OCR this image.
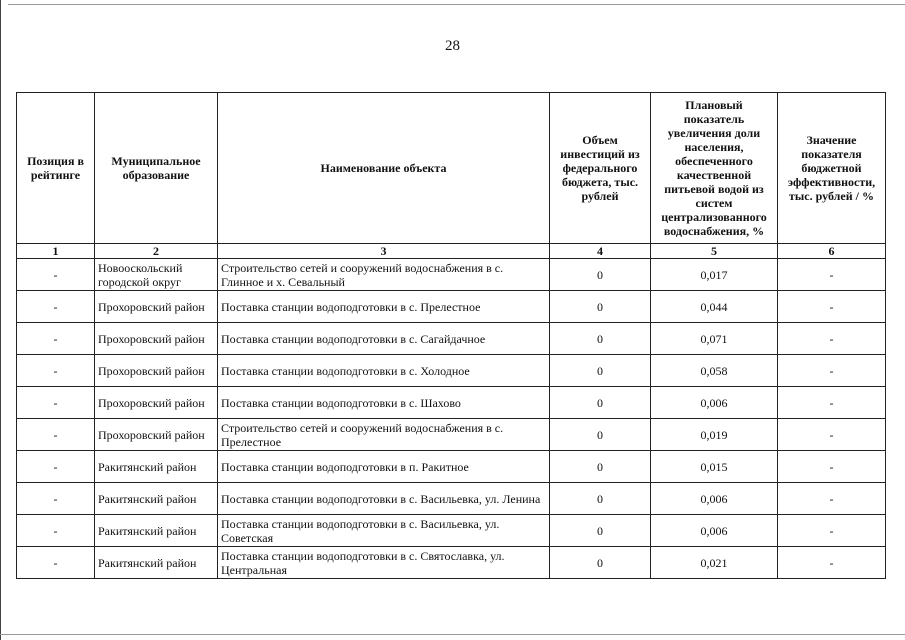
28
Позиция в рейтинге	Муниципальное образование	Наименование объекта	Объем инвестиций из федерального бюджета, тыс. рублей	Плановый показатель увеличения доли населения, обеспеченного качественной питьевой водой из систем централизованного водоснабжения, %	Значение показателя бюджетной эффективности, тыс. рублей / %
1	2	3	4	5	6
-	Новооскольский городской округ	Строительство сетей и сооружений водоснабжения в с. Глинное и х. Севальный	0	0,017	-
-	Прохоровский район	Поставка станции водоподготовки в с. Прелестное	0	0,044	-
-	Прохоровский район	Поставка станции водоподготовки в с. Сагайдачное	0	0,071	-
-	Прохоровский район	Поставка станции водоподготовки в с. Холодное	0	0,058	-
-	Прохоровский район	Поставка станции водоподготовки в с. Шахово	0	0,006	-
-	Прохоровский район	Строительство сетей и сооружений водоснабжения в с. Прелестное	0	0,019	-
-	Ракитянский район	Поставка станции водоподготовки в п. Ракитное	0	0,015	-
-	Ракитянский район	Поставка станции водоподготовки в с. Васильевка, ул. Ленина	0	0,006	-
-	Ракитянский район	Поставка станции водоподготовки в с. Васильевка, ул. Советская	0	0,006	-
-	Ракитянский район	Поставка станции водоподготовки в с. Святославка, ул. Центральная	0	0,021	-
